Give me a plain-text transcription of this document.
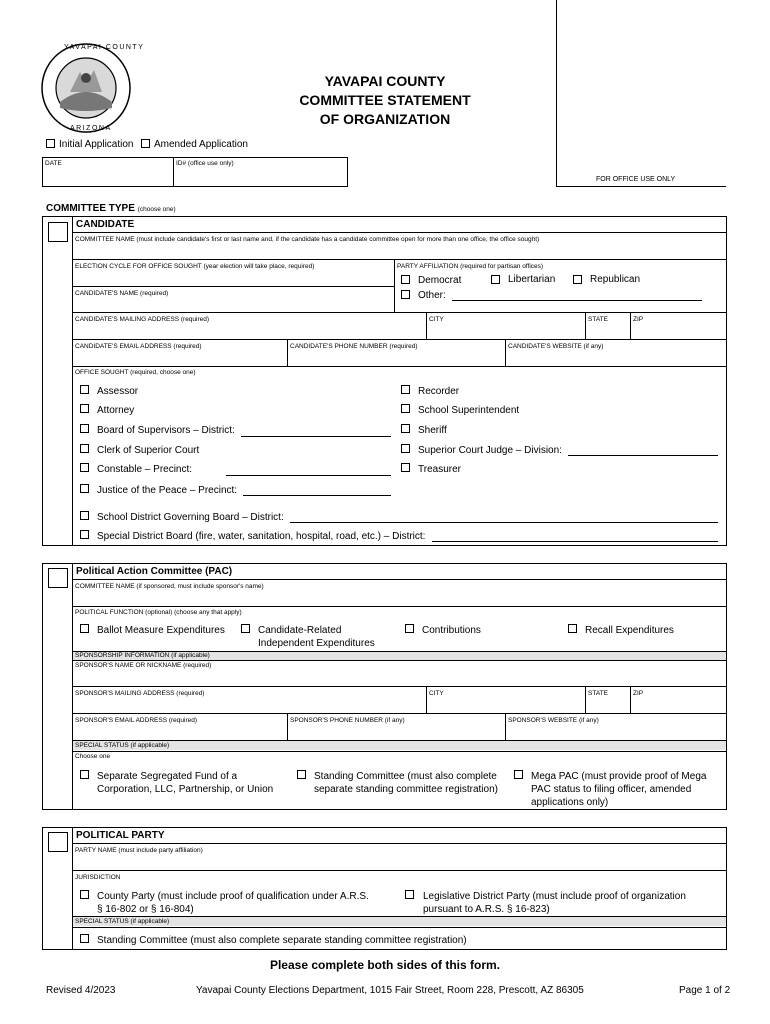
YAVAPAI COUNTY
ARIZONA
YAVAPAI COUNTY
COMMITTEE STATEMENT
OF ORGANIZATION
FOR OFFICE USE ONLY
Initial Application Amended Application
DATE	ID# (office use only)
COMMITTEE TYPE (choose one)
CANDIDATE
COMMITTEE NAME (must include candidate's first or last name and, if the candidate has a candidate committee open for more than one office, the office sought)
ELECTION CYCLE FOR OFFICE SOUGHT (year election will take place, required)	PARTY AFFILIATION (required for partisan offices)
CANDIDATE'S NAME (required)
Democrat	Libertarian	Republican
Other:
CANDIDATE'S MAILING ADDRESS (required)	CITY	STATE	ZIP
CANDIDATE'S EMAIL ADDRESS (required)	CANDIDATE'S PHONE NUMBER (required)	CANDIDATE'S WEBSITE (if any)
OFFICE SOUGHT (required, choose one)
Assessor
Attorney
Board of Supervisors – District:
Clerk of Superior Court
Constable – Precinct:
Justice of the Peace – Precinct:
Recorder
School Superintendent
Sheriff
Superior Court Judge – Division:
Treasurer
School District Governing Board – District:
Special District Board (fire, water, sanitation, hospital, road, etc.) – District:
Political Action Committee (PAC)
COMMITTEE NAME (if sponsored, must include sponsor's name)
POLITICAL FUNCTION (optional) (choose any that apply)
Ballot Measure Expenditures	Candidate-Related
Independent Expenditures
Contributions	Recall Expenditures
SPONSORSHIP INFORMATION (if applicable)
SPONSOR'S NAME OR NICKNAME (required)
SPONSOR'S MAILING ADDRESS (required)	CITY	STATE	ZIP
SPONSOR'S EMAIL ADDRESS (required)	SPONSOR'S PHONE NUMBER (if any)	SPONSOR'S WEBSITE (if any)
SPECIAL STATUS (if applicable)
Choose one
Separate Segregated Fund of a
Corporation, LLC, Partnership, or Union
Standing Committee (must also complete
separate standing committee registration)
Mega PAC (must provide proof of Mega
PAC status to filing officer, amended
applications only)
POLITICAL PARTY
PARTY NAME (must include party affiliation)
JURISDICTION
County Party (must include proof of qualification under A.R.S.
§ 16-802 or § 16-804)
Legislative District Party (must include proof of organization
pursuant to A.R.S. § 16-823)
SPECIAL STATUS (if applicable)
Standing Committee (must also complete separate standing committee registration)
Please complete both sides of this form.
Revised 4/2023	Yavapai County Elections Department, 1015 Fair Street, Room 228, Prescott, AZ 86305	Page 1 of 2
